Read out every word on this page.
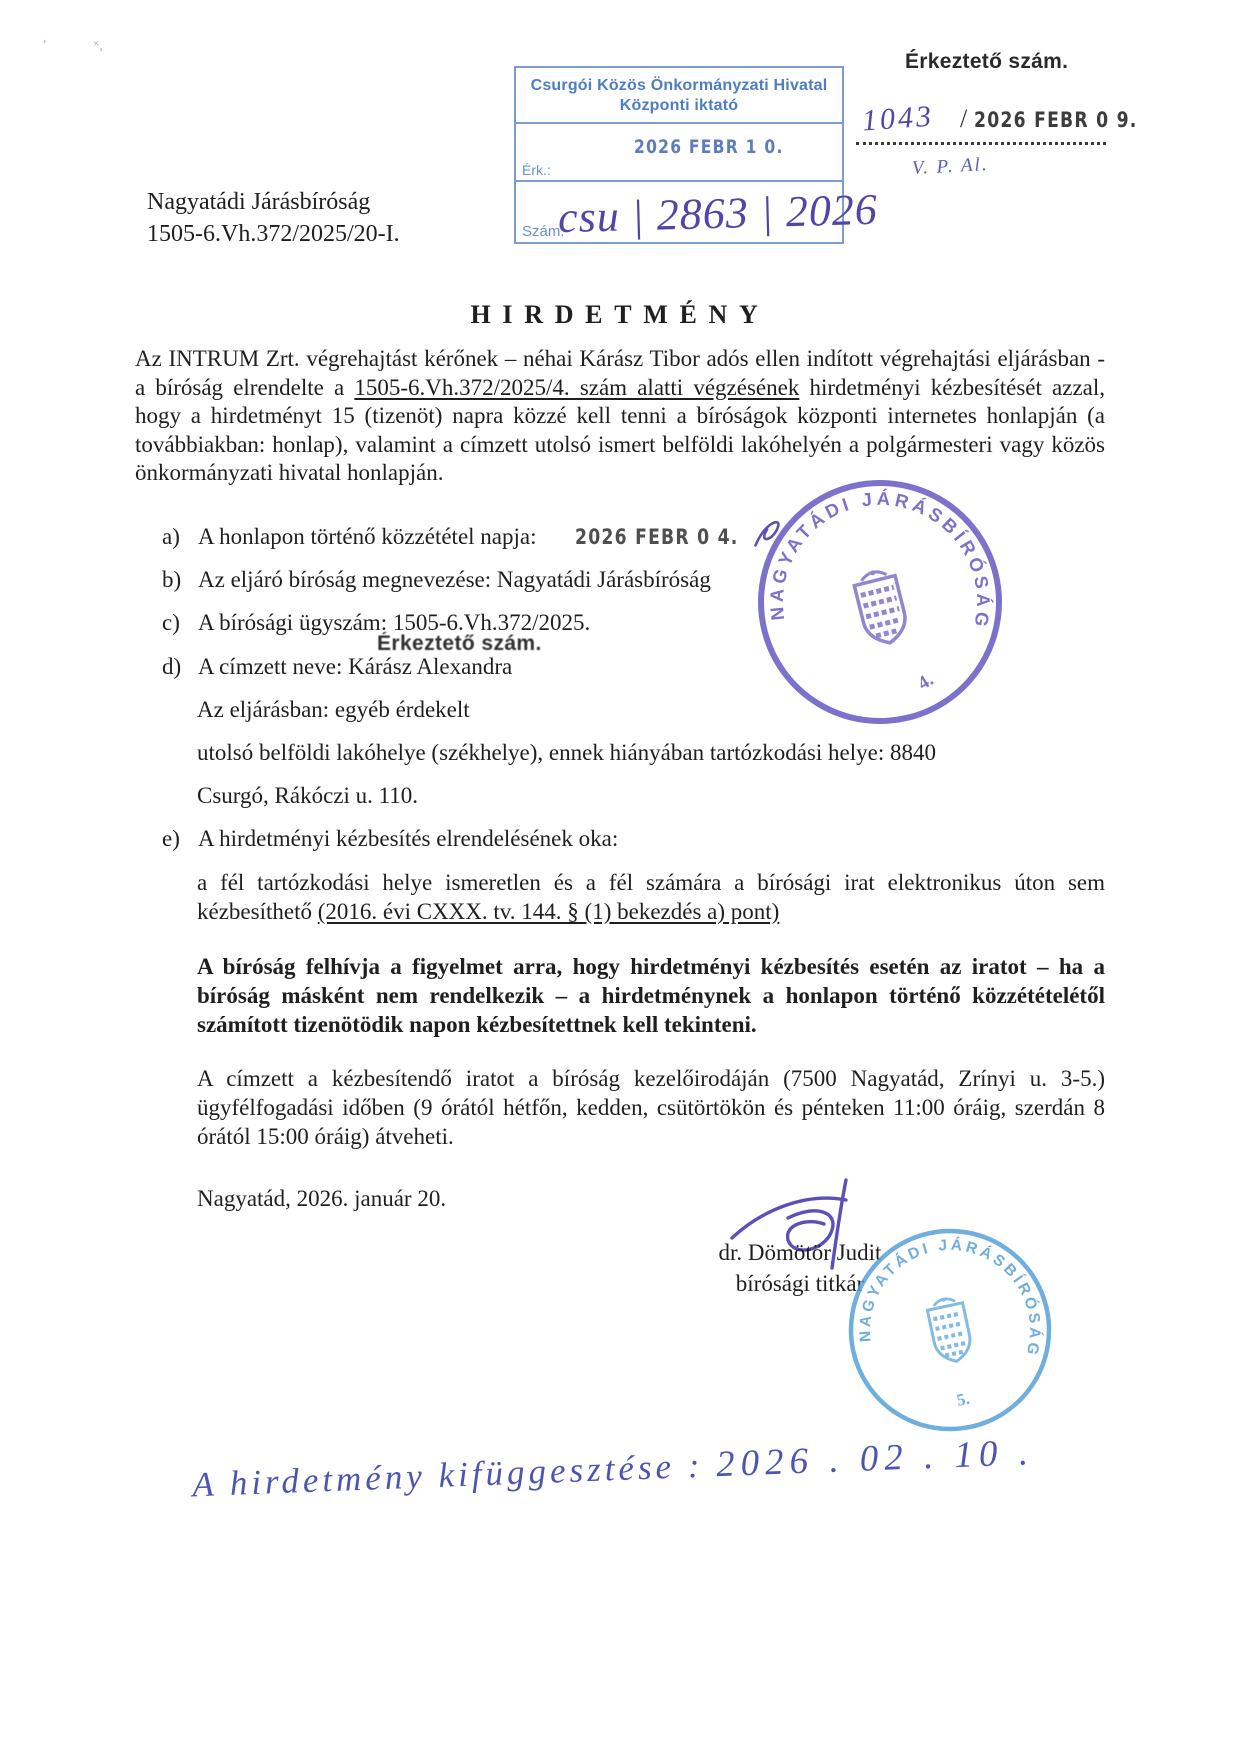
ʻ	˟,
Nagyatádi Járásbíróság
1505-6.Vh.372/2025/20-I.
Csurgói Közös Önkormányzati Hivatal
Központi iktató
2026 FEBR 1 0.
Érk.:
Szám:
csu | 2863 | 2026
Érkeztető szám.
1043 / 2026 FEBR 0 9.
V. P. Al.
HIRDETMÉNY
Az INTRUM Zrt. végrehajtást kérőnek – néhai Kárász Tibor adós ellen indított végrehajtási eljárásban - a bíróság elrendelte a 1505-6.Vh.372/2025/4. szám alatti végzésének hirdetményi kézbesítését azzal, hogy a hirdetményt 15 (tizenöt) napra közzé kell tenni a bíróságok központi internetes honlapján (a továbbiakban: honlap), valamint a címzett utolsó ismert belföldi lakóhelyén a polgármesteri vagy közös önkormányzati hivatal honlapján.
a) A honlapon történő közzététel napja: 2026 FEBR 0 4.
b) Az eljáró bíróság megnevezése: Nagyatádi Járásbíróság
c) A bírósági ügyszám: 1505-6.Vh.372/2025.
Érkeztető szám.
d) A címzett neve: Kárász Alexandra
Az eljárásban: egyéb érdekelt
utolsó belföldi lakóhelye (székhelye), ennek hiányában tartózkodási helye: 8840
Csurgó, Rákóczi u. 110.
e) A hirdetményi kézbesítés elrendelésének oka:
a fél tartózkodási helye ismeretlen és a fél számára a bírósági irat elektronikus úton sem kézbesíthető (2016. évi CXXX. tv. 144. § (1) bekezdés a) pont)
A bíróság felhívja a figyelmet arra, hogy hirdetményi kézbesítés esetén az iratot – ha a bíróság másként nem rendelkezik – a hirdetménynek a honlapon történő közzétételétől számított tizenötödik napon kézbesítettnek kell tekinteni.
A címzett a kézbesítendő iratot a bíróság kezelőirodáján (7500 Nagyatád, Zrínyi u. 3-5.) ügyfélfogadási időben (9 órától hétfőn, kedden, csütörtökön és pénteken 11:00 óráig, szerdán 8 órától 15:00 óráig) átveheti.
Nagyatád, 2026. január 20.
dr. Dömötör Judit
bírósági titkár
NAGYATÁDI JÁRÁSBÍRÓSÁG
4.
NAGYATÁDI JÁRÁSBÍRÓSÁG
5.
A hirdetmény kifüggesztése : 2026 . 02 . 10 .
